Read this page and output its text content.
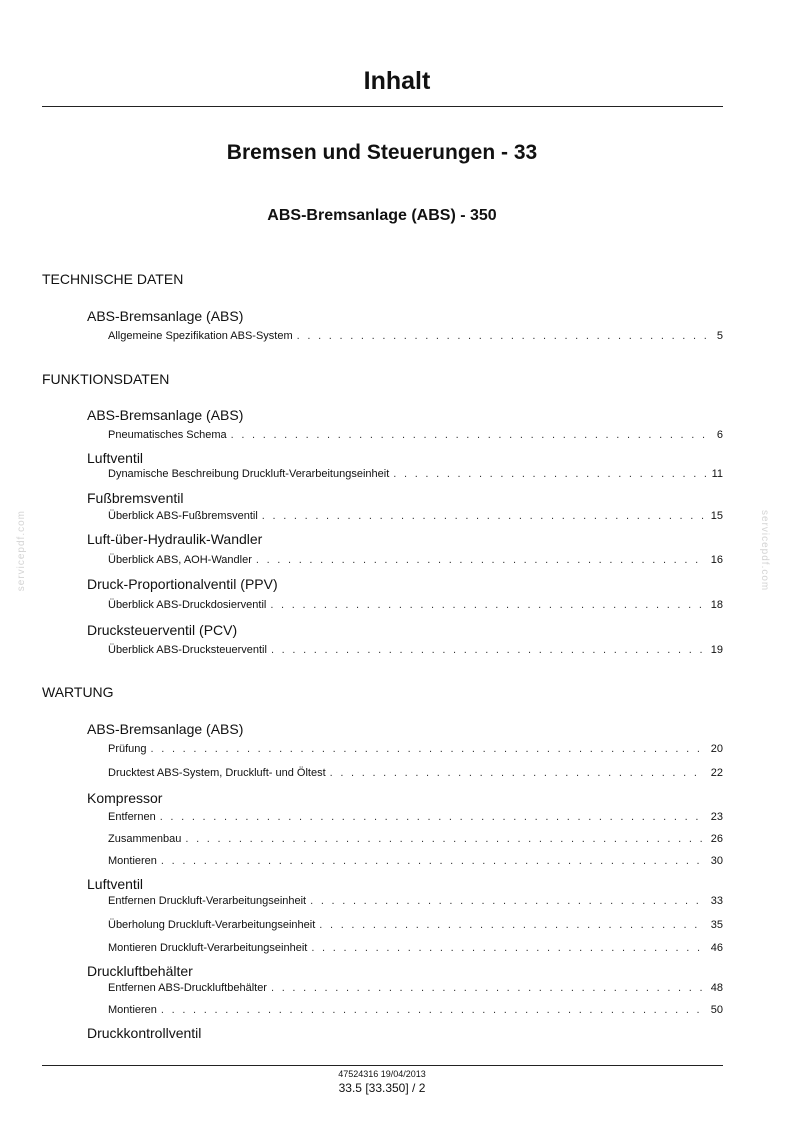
Inhalt
Bremsen und Steuerungen - 33
ABS-Bremsanlage (ABS) - 350
servicepdf.com	servicepdf.com
TECHNISCHE DATEN
ABS-Bremsanlage (ABS)
Allgemeine Spezifikation ABS-System . . .	5
FUNKTIONSDATEN
ABS-Bremsanlage (ABS)
Pneumatisches Schema . . .	6
Luftventil
Dynamische Beschreibung Druckluft-Verarbeitungseinheit . . .	11
Fußbremsventil
Überblick ABS-Fußbremsventil . . .	15
Luft-über-Hydraulik-Wandler
Überblick ABS, AOH-Wandler . . .	16
Druck-Proportionalventil (PPV)
Überblick ABS-Druckdosierventil . . .	18
Drucksteuerventil (PCV)
Überblick ABS-Drucksteuerventil . . .	19
WARTUNG
ABS-Bremsanlage (ABS)
Prüfung . . .	20
Drucktest ABS-System, Druckluft- und Öltest . . .	22
Kompressor
Entfernen . . .	23
Zusammenbau . . .	26
Montieren . . .	30
Luftventil
Entfernen Druckluft-Verarbeitungseinheit . . .	33
Überholung Druckluft-Verarbeitungseinheit . . .	35
Montieren Druckluft-Verarbeitungseinheit . . .	46
Druckluftbehälter
Entfernen ABS-Druckluftbehälter . . .	48
Montieren . . .	50
Druckkontrollventil
47524316 19/04/2013
33.5 [33.350] / 2
